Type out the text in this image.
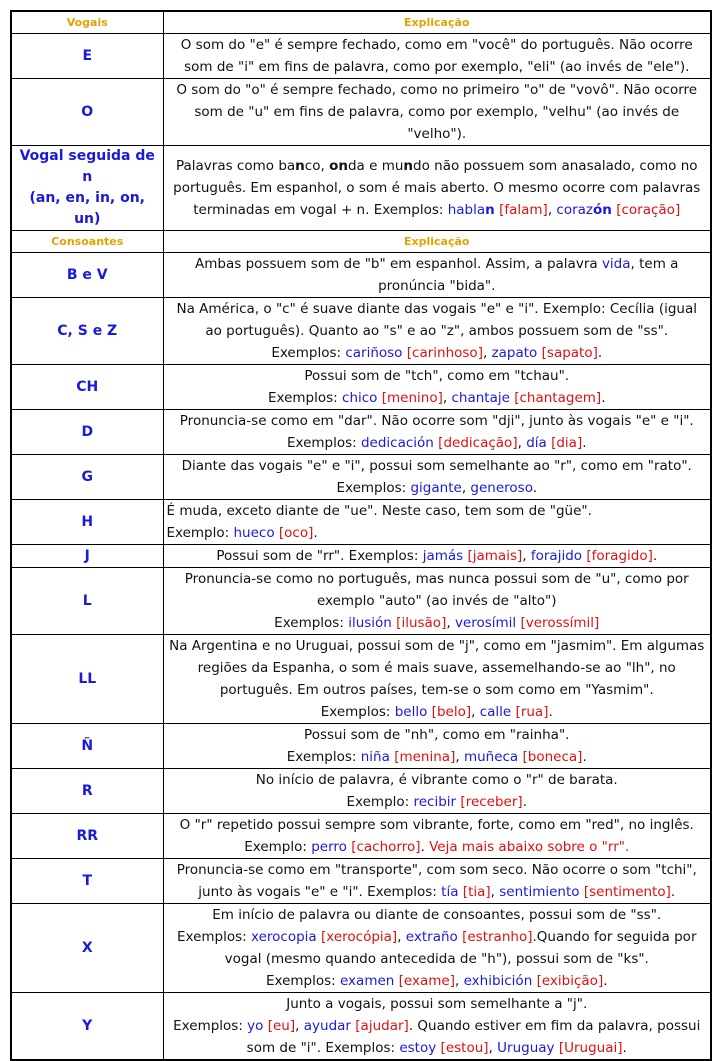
Vogais	Explicação
E	O som do "e" é sempre fechado, como em "você" do português. Não ocorre som de "i" em fins de palavra, como por exemplo, "eli" (ao invés de "ele").
O	O som do "o" é sempre fechado, como no primeiro "o" de "vovô". Não ocorre som de "u" em fins de palavra, como por exemplo, "velhu" (ao invés de "velho").
Vogal seguida de n
(an, en, in, on, un)	Palavras como banco, onda e mundo não possuem som anasalado, como no português. Em espanhol, o som é mais aberto. O mesmo ocorre com palavras terminadas em vogal + n. Exemplos: hablan [falam], corazón [coração]
Consoantes	Explicação
B e V	Ambas possuem som de "b" em espanhol. Assim, a palavra vida, tem a pronúncia "bida".
C, S e Z	Na América, o "c" é suave diante das vogais "e" e "i". Exemplo: Cecília (igual ao português). Quanto ao "s" e ao "z", ambos possuem som de "ss".
Exemplos: cariñoso [carinhoso], zapato [sapato].
CH	Possui som de "tch", como em "tchau".
Exemplos: chico [menino], chantaje [chantagem].
D	Pronuncia-se como em "dar". Não ocorre som "dji", junto às vogais "e" e "i".
Exemplos: dedicación [dedicação], día [dia].
G	Diante das vogais "e" e "i", possui som semelhante ao "r", como em "rato".
Exemplos: gigante, generoso.
H	É muda, exceto diante de "ue". Neste caso, tem som de "güe".
Exemplo: hueco [oco].
J	Possui som de "rr". Exemplos: jamás [jamais], forajido [foragido].
L	Pronuncia-se como no português, mas nunca possui som de "u", como por exemplo "auto" (ao invés de "alto")
Exemplos: ilusión [ilusão], verosímil [verossímil]
LL	Na Argentina e no Uruguai, possui som de "j", como em "jasmim". Em algumas regiões da Espanha, o som é mais suave, assemelhando-se ao "lh", no português. Em outros países, tem-se o som como em "Yasmim".
Exemplos: bello [belo], calle [rua].
Ñ	Possui som de "nh", como em "rainha".
Exemplos: niña [menina], muñeca [boneca].
R	No início de palavra, é vibrante como o "r" de barata.
Exemplo: recibir [receber].
RR	O "r" repetido possui sempre som vibrante, forte, como em "red", no inglês.
Exemplo: perro [cachorro]. Veja mais abaixo sobre o "rr".
T	Pronuncia-se como em "transporte", com som seco. Não ocorre o som "tchi", junto às vogais "e" e "i". Exemplos: tía [tia], sentimiento [sentimento].
X	Em início de palavra ou diante de consoantes, possui som de "ss".
Exemplos: xerocopia [xerocópia], extraño [estranho].Quando for seguida por vogal (mesmo quando antecedida de "h"), possui som de "ks".
Exemplos: examen [exame], exhibición [exibição].
Y	Junto a vogais, possui som semelhante a "j".
Exemplos: yo [eu], ayudar [ajudar]. Quando estiver em fim da palavra, possui som de "i". Exemplos: estoy [estou], Uruguay [Uruguai].
